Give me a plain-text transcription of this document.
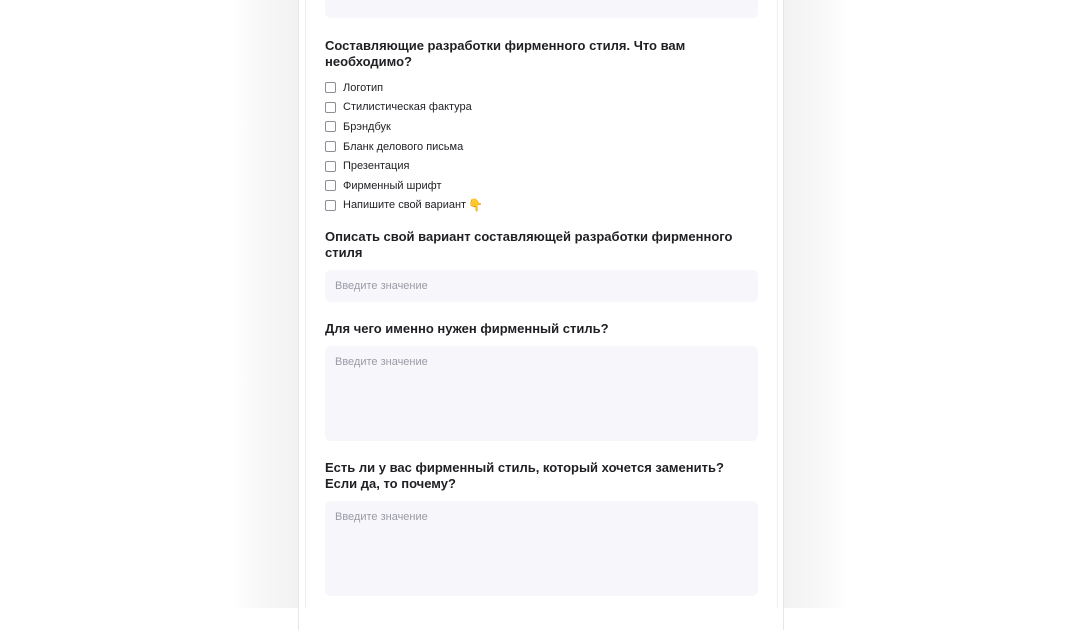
Составляющие разработки фирменного стиля. Что вам необходимо?
Логотип
Стилистическая фактура
Брэндбук
Бланк делового письма
Презентация
Фирменный шрифт
Напишите свой вариант 👇
Описать свой вариант составляющей разработки фирменного стиля
Введите значение
Для чего именно нужен фирменный стиль?
Введите значение
Есть ли у вас фирменный стиль, который хочется заменить? Если да, то почему?
Введите значение
